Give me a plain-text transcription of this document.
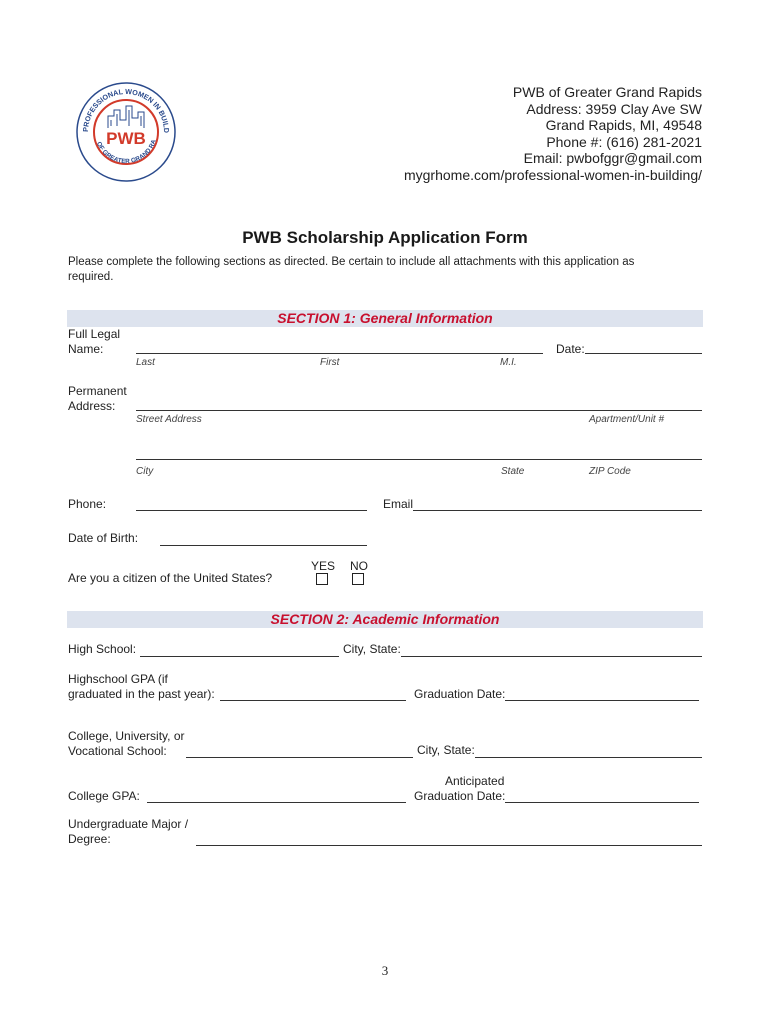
PROFESSIONAL WOMEN IN BUILD
OF GREATER GRAND RA
PWB
PWB of Greater Grand Rapids
Address: 3959 Clay Ave SW
Grand Rapids, MI, 49548
Phone #: (616) 281-2021
Email: pwbofggr@gmail.com
mygrhome.com/professional-women-in-building/
PWB Scholarship Application Form
Please complete the following sections as directed. Be certain to include all attachments with this application as
required.
SECTION 1: General Information
Full Legal
Name:	Date:
Last	First	M.I.
Permanent
Address:
Street Address	Apartment/Unit #
City	State	ZIP Code
Phone:	Email
Date of Birth:
YES NO
Are you a citizen of the United States?
SECTION 2: Academic Information
High School:	City, State:
Highschool GPA (if
graduated in the past year):	Graduation Date:
College, University, or
Vocational School:	City, State:
Anticipated
College GPA:	Graduation Date:
Undergraduate Major /
Degree:
3
